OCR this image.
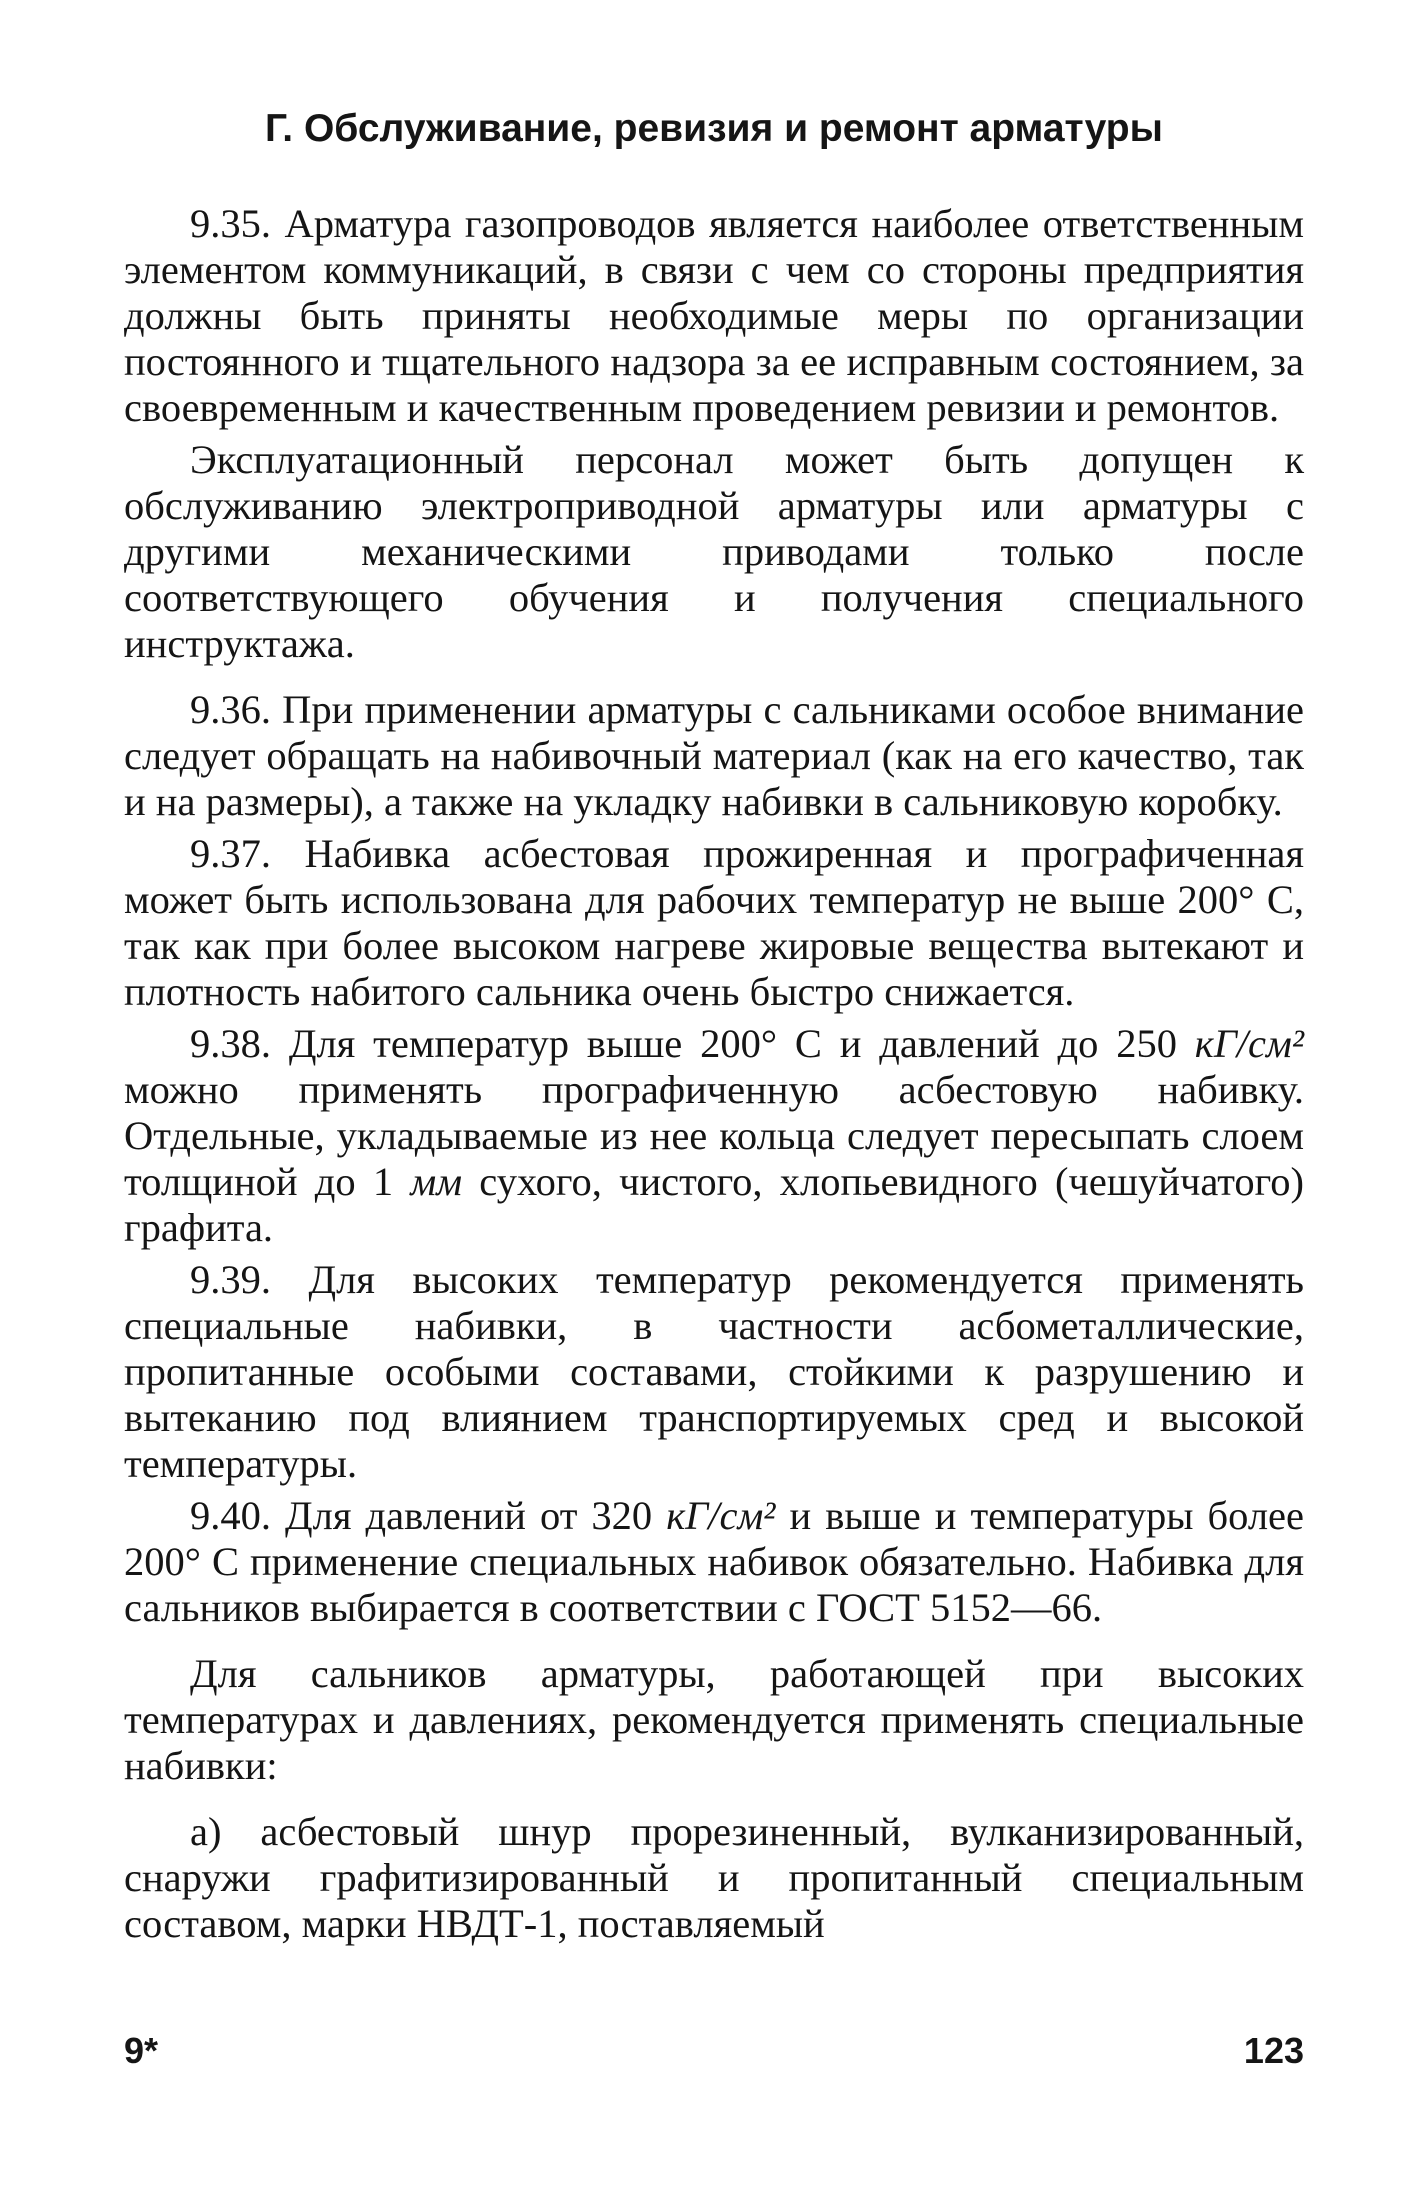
Г. Обслуживание, ревизия и ремонт арматуры

9.35. Арматура газопроводов является наиболее ответственным элементом коммуникаций, в связи с чем со стороны предприятия должны быть приняты необходимые меры по организации постоянного и тщательного надзора за ее исправным состоянием, за своевременным и качественным проведением ревизии и ремонтов.

Эксплуатационный персонал может быть допущен к обслуживанию электроприводной арматуры или арматуры с другими механическими приводами только после соответствующего обучения и получения специального инструктажа.

9.36. При применении арматуры с сальниками особое внимание следует обращать на набивочный материал (как на его качество, так и на размеры), а также на укладку набивки в сальниковую коробку.

9.37. Набивка асбестовая прожиренная и прографиченная может быть использована для рабочих температур не выше 200° С, так как при более высоком нагреве жировые вещества вытекают и плотность набитого сальника очень быстро снижается.

9.38. Для температур выше 200° С и давлений до 250 кГ/см² можно применять прографиченную асбестовую набивку. Отдельные, укладываемые из нее кольца следует пересыпать слоем толщиной до 1 мм сухого, чистого, хлопьевидного (чешуйчатого) графита.

9.39. Для высоких температур рекомендуется применять специальные набивки, в частности асбометаллические, пропитанные особыми составами, стойкими к разрушению и вытеканию под влиянием транспортируемых сред и высокой температуры.

9.40. Для давлений от 320 кГ/см² и выше и температуры более 200° С применение специальных набивок обязательно. Набивка для сальников выбирается в соответствии с ГОСТ 5152—66.

Для сальников арматуры, работающей при высоких температурах и давлениях, рекомендуется применять специальные набивки:

а) асбестовый шнур прорезиненный, вулканизированный, снаружи графитизированный и пропитанный специальным составом, марки НВДТ-1, поставляемый

9*	123
